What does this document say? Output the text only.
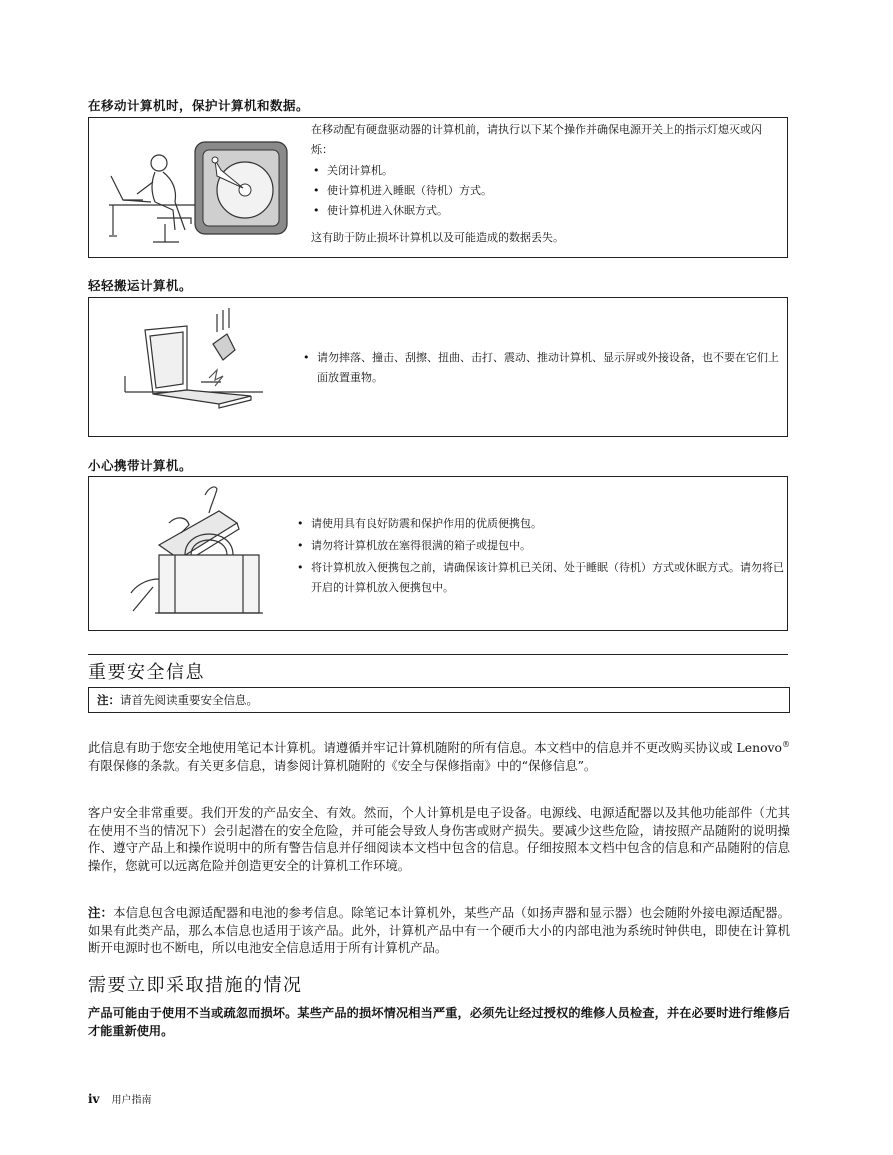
在移动计算机时，保护计算机和数据。
在移动配有硬盘驱动器的计算机前，请执行以下某个操作并确保电源开关上的指示灯熄灭或闪烁：
• 关闭计算机。
• 使计算机进入睡眠（待机）方式。
• 使计算机进入休眠方式。
这有助于防止损坏计算机以及可能造成的数据丢失。
轻轻搬运计算机。
• 请勿摔落、撞击、刮擦、扭曲、击打、震动、推动计算机、显示屏或外接设备，也不要在它们上面放置重物。
小心携带计算机。
• 请使用具有良好防震和保护作用的优质便携包。
• 请勿将计算机放在塞得很满的箱子或提包中。
• 将计算机放入便携包之前，请确保该计算机已关闭、处于睡眠（待机）方式或休眠方式。请勿将已开启的计算机放入便携包中。
重要安全信息
注：请首先阅读重要安全信息。
此信息有助于您安全地使用笔记本计算机。请遵循并牢记计算机随附的所有信息。本文档中的信息并不更改购买协议或 Lenovo® 有限保修的条款。有关更多信息，请参阅计算机随附的《安全与保修指南》中的“保修信息”。
客户安全非常重要。我们开发的产品安全、有效。然而，个人计算机是电子设备。电源线、电源适配器以及其他功能部件（尤其在使用不当的情况下）会引起潜在的安全危险，并可能会导致人身伤害或财产损失。要减少这些危险，请按照产品随附的说明操作、遵守产品上和操作说明中的所有警告信息并仔细阅读本文档中包含的信息。仔细按照本文档中包含的信息和产品随附的信息操作，您就可以远离危险并创造更安全的计算机工作环境。
注：本信息包含电源适配器和电池的参考信息。除笔记本计算机外，某些产品（如扬声器和显示器）也会随附外接电源适配器。如果有此类产品，那么本信息也适用于该产品。此外，计算机产品中有一个硬币大小的内部电池为系统时钟供电，即使在计算机断开电源时也不断电，所以电池安全信息适用于所有计算机产品。
需要立即采取措施的情况
产品可能由于使用不当或疏忽而损坏。某些产品的损坏情况相当严重，必须先让经过授权的维修人员检查，并在必要时进行维修后才能重新使用。
iv 用户指南
